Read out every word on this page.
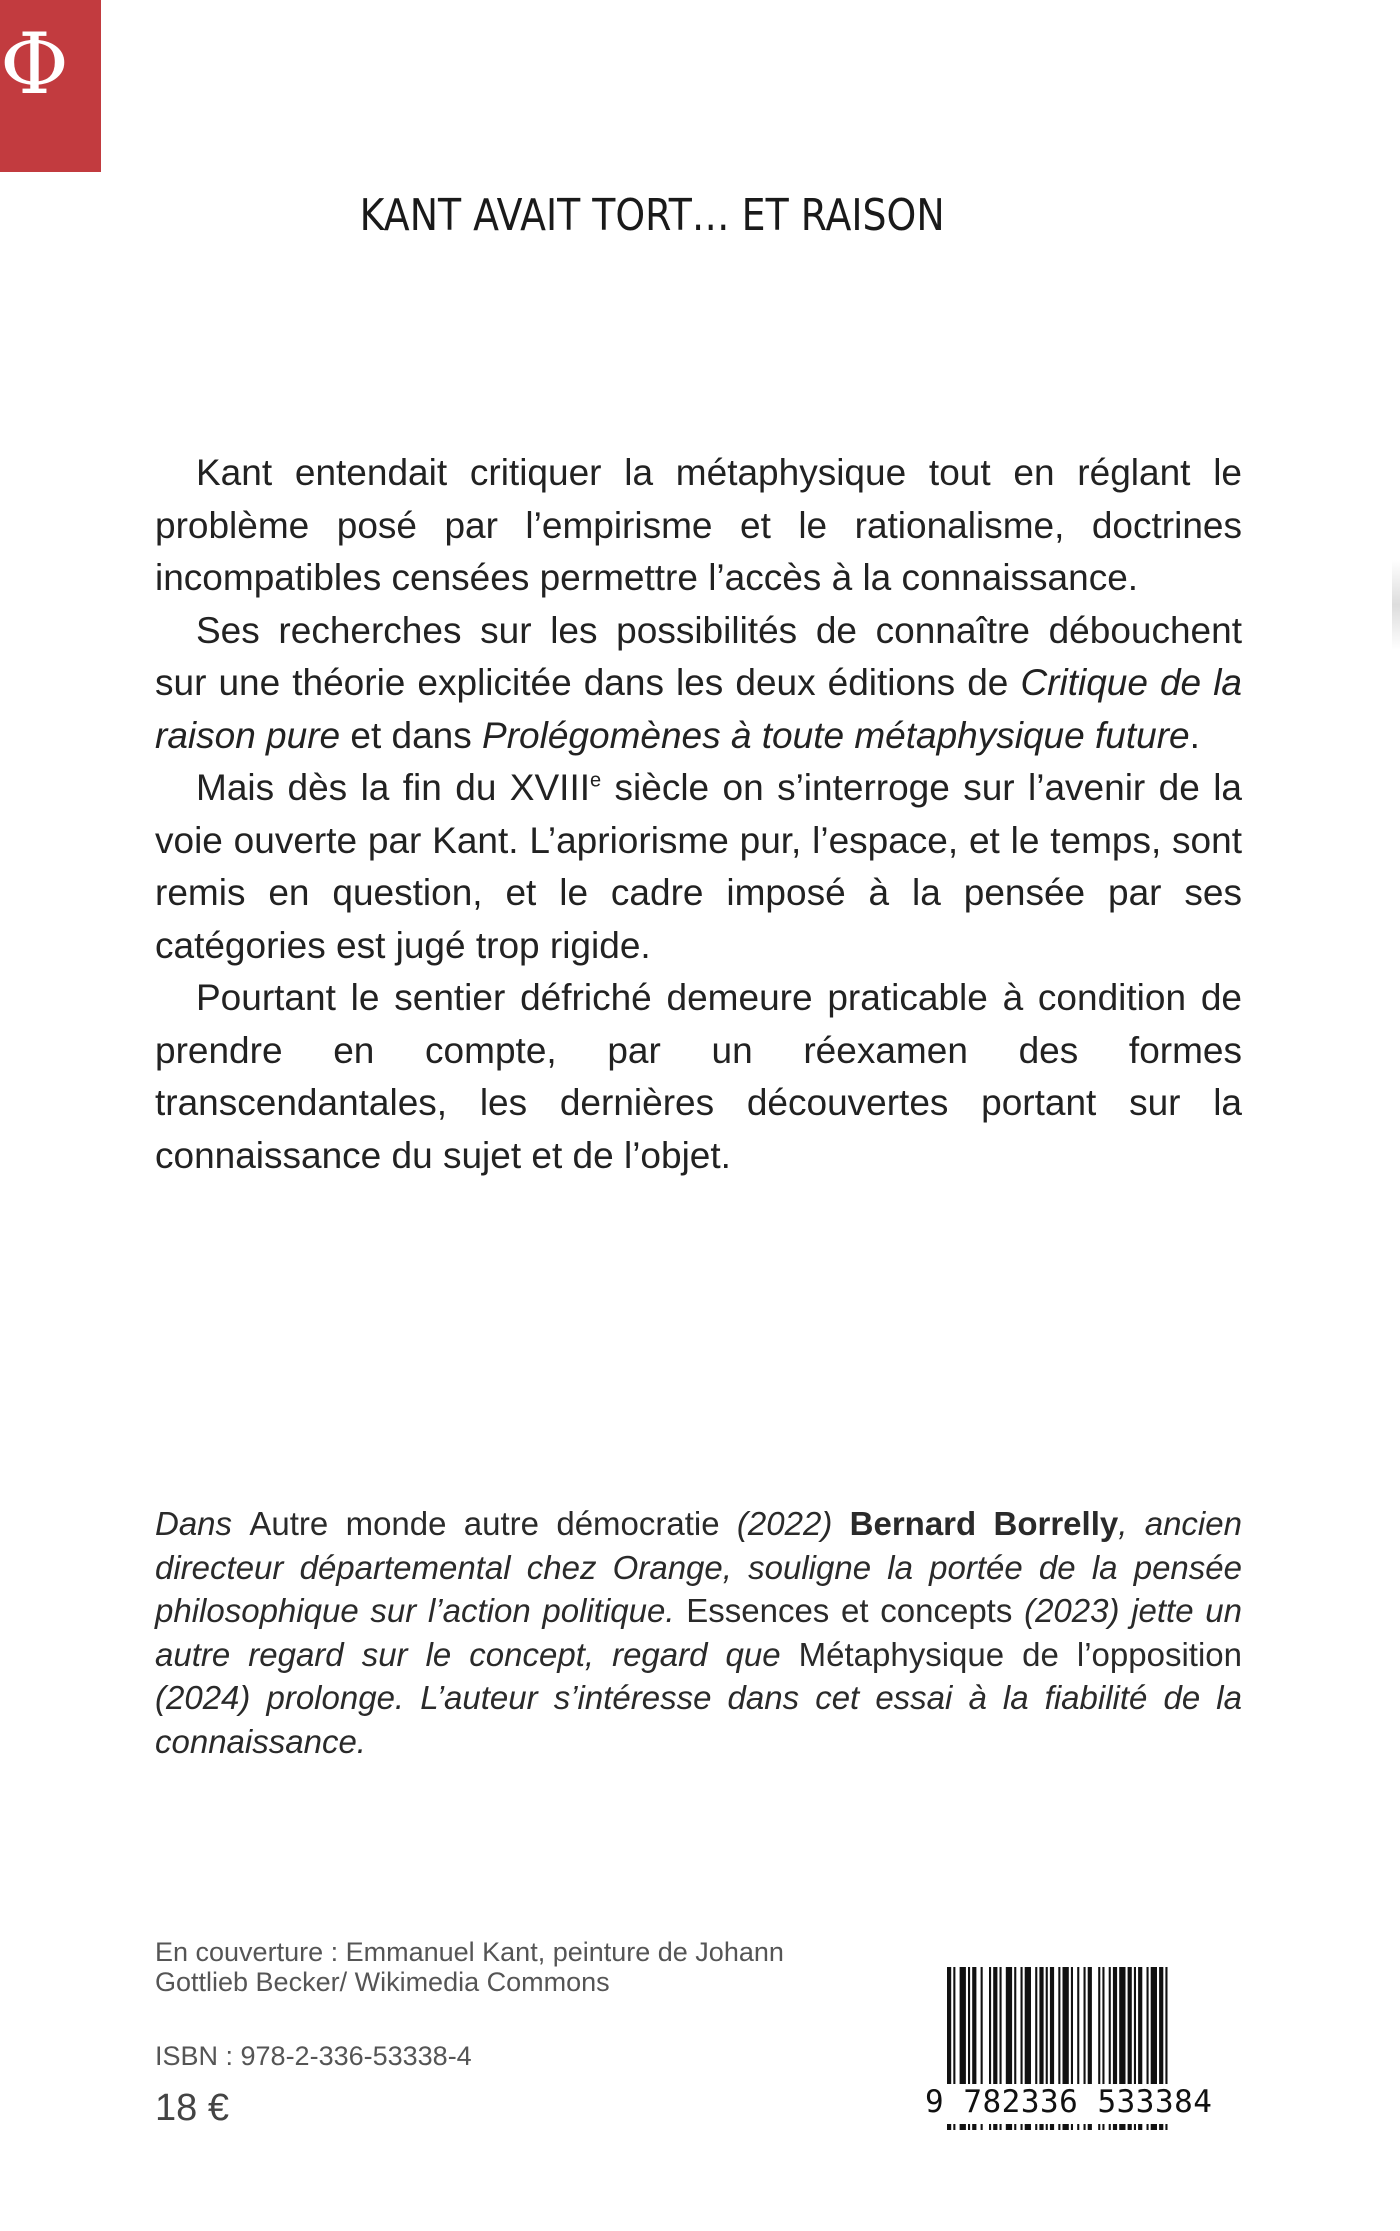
Φ
KANT AVAIT TORT… ET RAISON

Kant entendait critiquer la métaphysique tout en réglant le problème posé par l’empirisme et le rationalisme, doctrines incompatibles censées permettre l’accès à la connaissance.

Ses recherches sur les possibilités de connaître débouchent sur une théorie explicitée dans les deux éditions de Critique de la raison pure et dans Prolégomènes à toute métaphysique future.

Mais dès la fin du XVIIIe siècle on s’interroge sur l’avenir de la voie ouverte par Kant. L’apriorisme pur, l’espace, et le temps, sont remis en question, et le cadre imposé à la pensée par ses catégories est jugé trop rigide.

Pourtant le sentier défriché demeure praticable à condition de prendre en compte, par un réexamen des formes transcendantales, les dernières découvertes portant sur la connaissance du sujet et de l’objet.

Dans Autre monde autre démocratie (2022) Bernard Borrelly, ancien directeur départemental chez Orange, souligne la portée de la pensée philosophique sur l’action politique. Essences et concepts (2023) jette un autre regard sur le concept, regard que Métaphysique de l’opposition (2024) prolonge. L’auteur s’intéresse dans cet essai à la fiabilité de la connaissance.
En couverture : Emmanuel Kant, peinture de Johann Gottlieb Becker/ Wikimedia Commons
ISBN : 978-2-336-53338-4
18 €	9 782336 533384
